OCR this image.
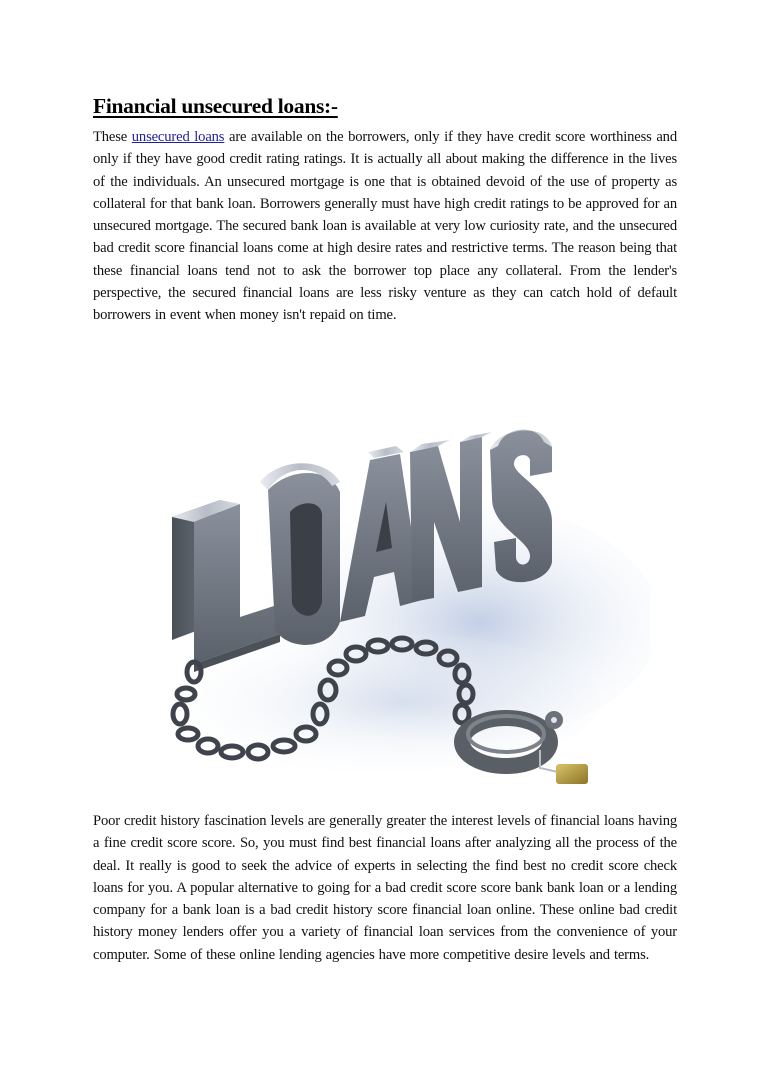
Financial unsecured loans:-

These unsecured loans are available on the borrowers, only if they have credit score worthiness and only if they have good credit rating ratings. It is actually all about making the difference in the lives of the individuals. An unsecured mortgage is one that is obtained devoid of the use of property as collateral for that bank loan. Borrowers generally must have high credit ratings to be approved for an unsecured mortgage. The secured bank loan is available at very low curiosity rate, and the unsecured bad credit score financial loans come at high desire rates and restrictive terms. The reason being that these financial loans tend not to ask the borrower top place any collateral. From the lender's perspective, the secured financial loans are less risky venture as they can catch hold of default borrowers in event when money isn't repaid on time.

Poor credit history fascination levels are generally greater the interest levels of financial loans having a fine credit score score. So, you must find best financial loans after analyzing all the process of the deal. It really is good to seek the advice of experts in selecting the find best no credit score check loans for you. A popular alternative to going for a bad credit score score bank bank loan or a lending company for a bank loan is a bad credit history score financial loan online. These online bad credit history money lenders offer you a variety of financial loan services from the convenience of your computer. Some of these online lending agencies have more competitive desire levels and terms.
